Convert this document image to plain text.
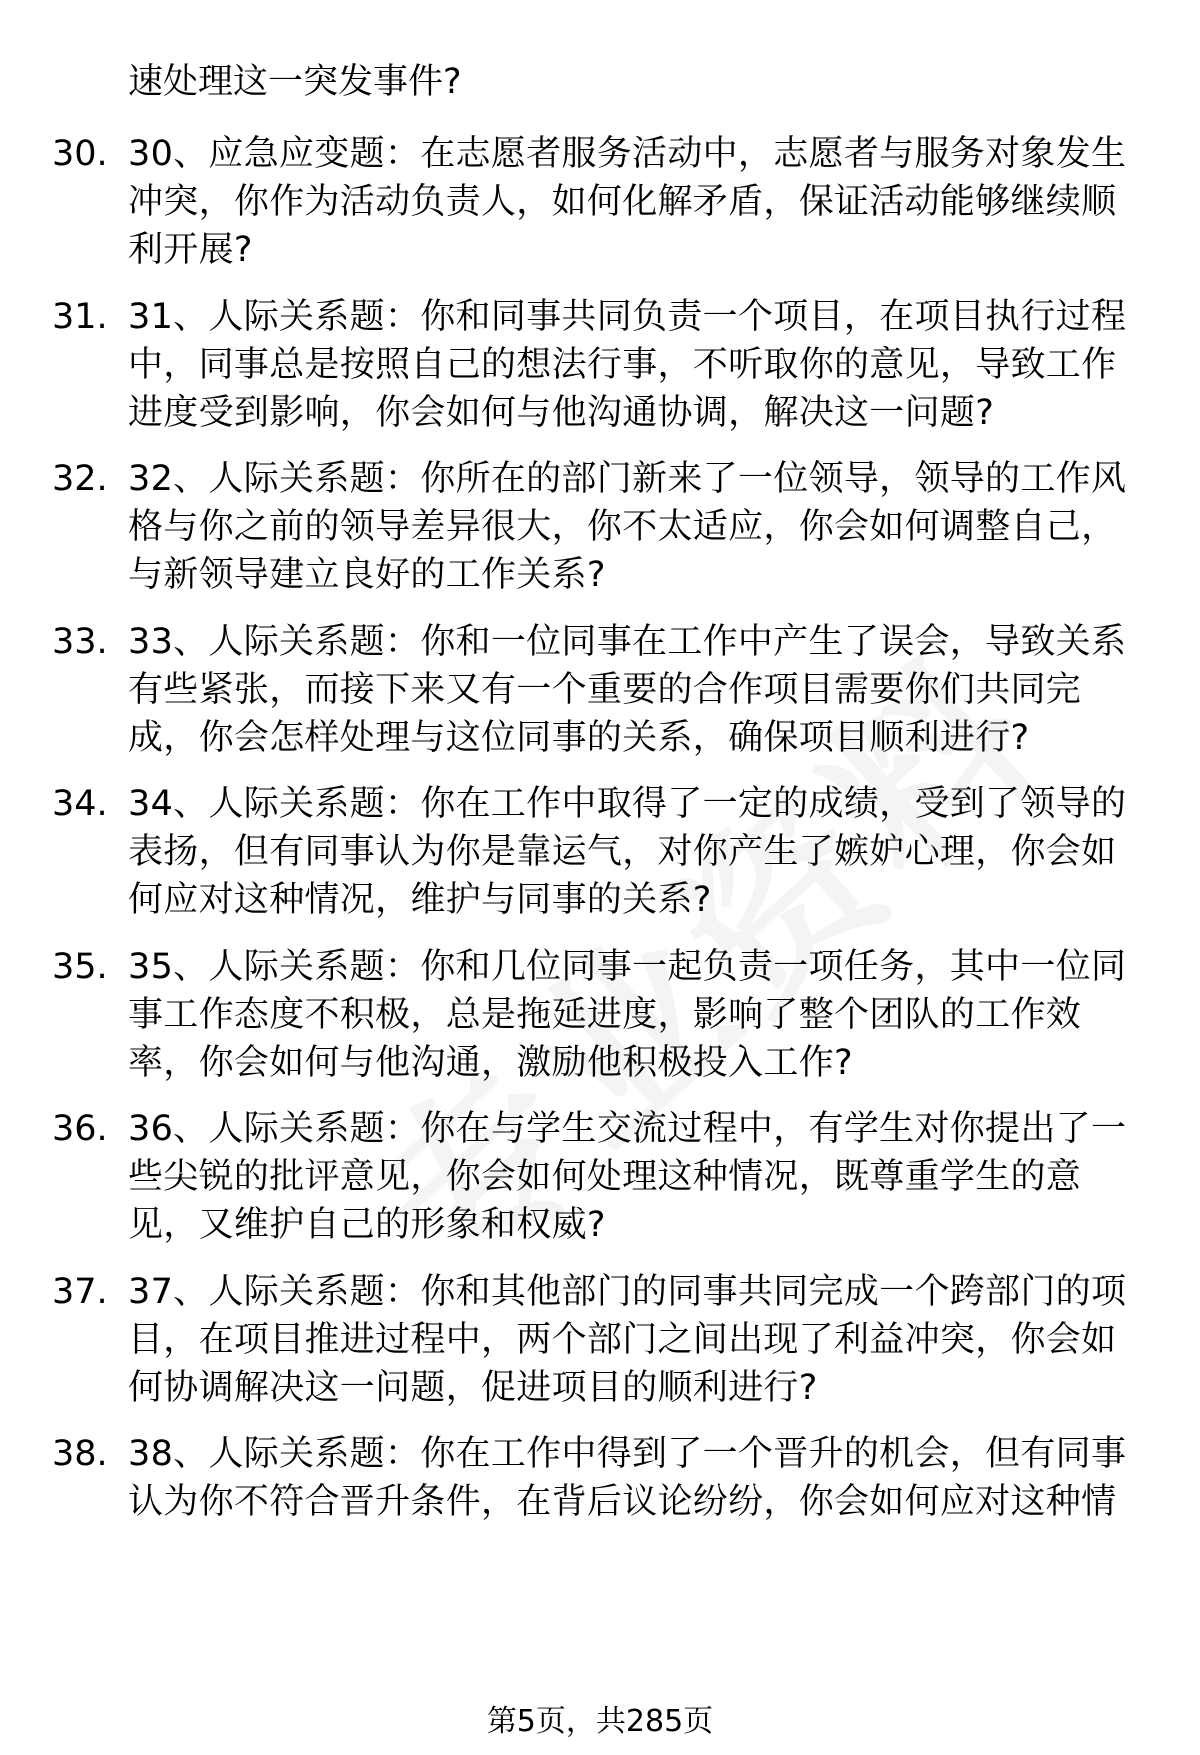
速处理这一突发事件?
30. 30、应急应变题：在志愿者服务活动中，志愿者与服务对象发生冲突，你作为活动负责人，如何化解矛盾，保证活动能够继续顺利开展?
31. 31、人际关系题：你和同事共同负责一个项目，在项目执行过程中，同事总是按照自己的想法行事，不听取你的意见，导致工作进度受到影响，你会如何与他沟通协调，解决这一问题?
32. 32、人际关系题：你所在的部门新来了一位领导，领导的工作风格与你之前的领导差异很大，你不太适应，你会如何调整自己，与新领导建立良好的工作关系?
33. 33、人际关系题：你和一位同事在工作中产生了误会，导致关系有些紧张，而接下来又有一个重要的合作项目需要你们共同完成，你会怎样处理与这位同事的关系，确保项目顺利进行?
34. 34、人际关系题：你在工作中取得了一定的成绩，受到了领导的表扬，但有同事认为你是靠运气，对你产生了嫉妒心理，你会如何应对这种情况，维护与同事的关系?
35. 35、人际关系题：你和几位同事一起负责一项任务，其中一位同事工作态度不积极，总是拖延进度，影响了整个团队的工作效率，你会如何与他沟通，激励他积极投入工作?
36. 36、人际关系题：你在与学生交流过程中，有学生对你提出了一些尖锐的批评意见，你会如何处理这种情况，既尊重学生的意见，又维护自己的形象和权威?
37. 37、人际关系题：你和其他部门的同事共同完成一个跨部门的项目，在项目推进过程中，两个部门之间出现了利益冲突，你会如何协调解决这一问题，促进项目的顺利进行?
38. 38、人际关系题：你在工作中得到了一个晋升的机会，但有同事认为你不符合晋升条件，在背后议论纷纷，你会如何应对这种情
第5页，共285页
